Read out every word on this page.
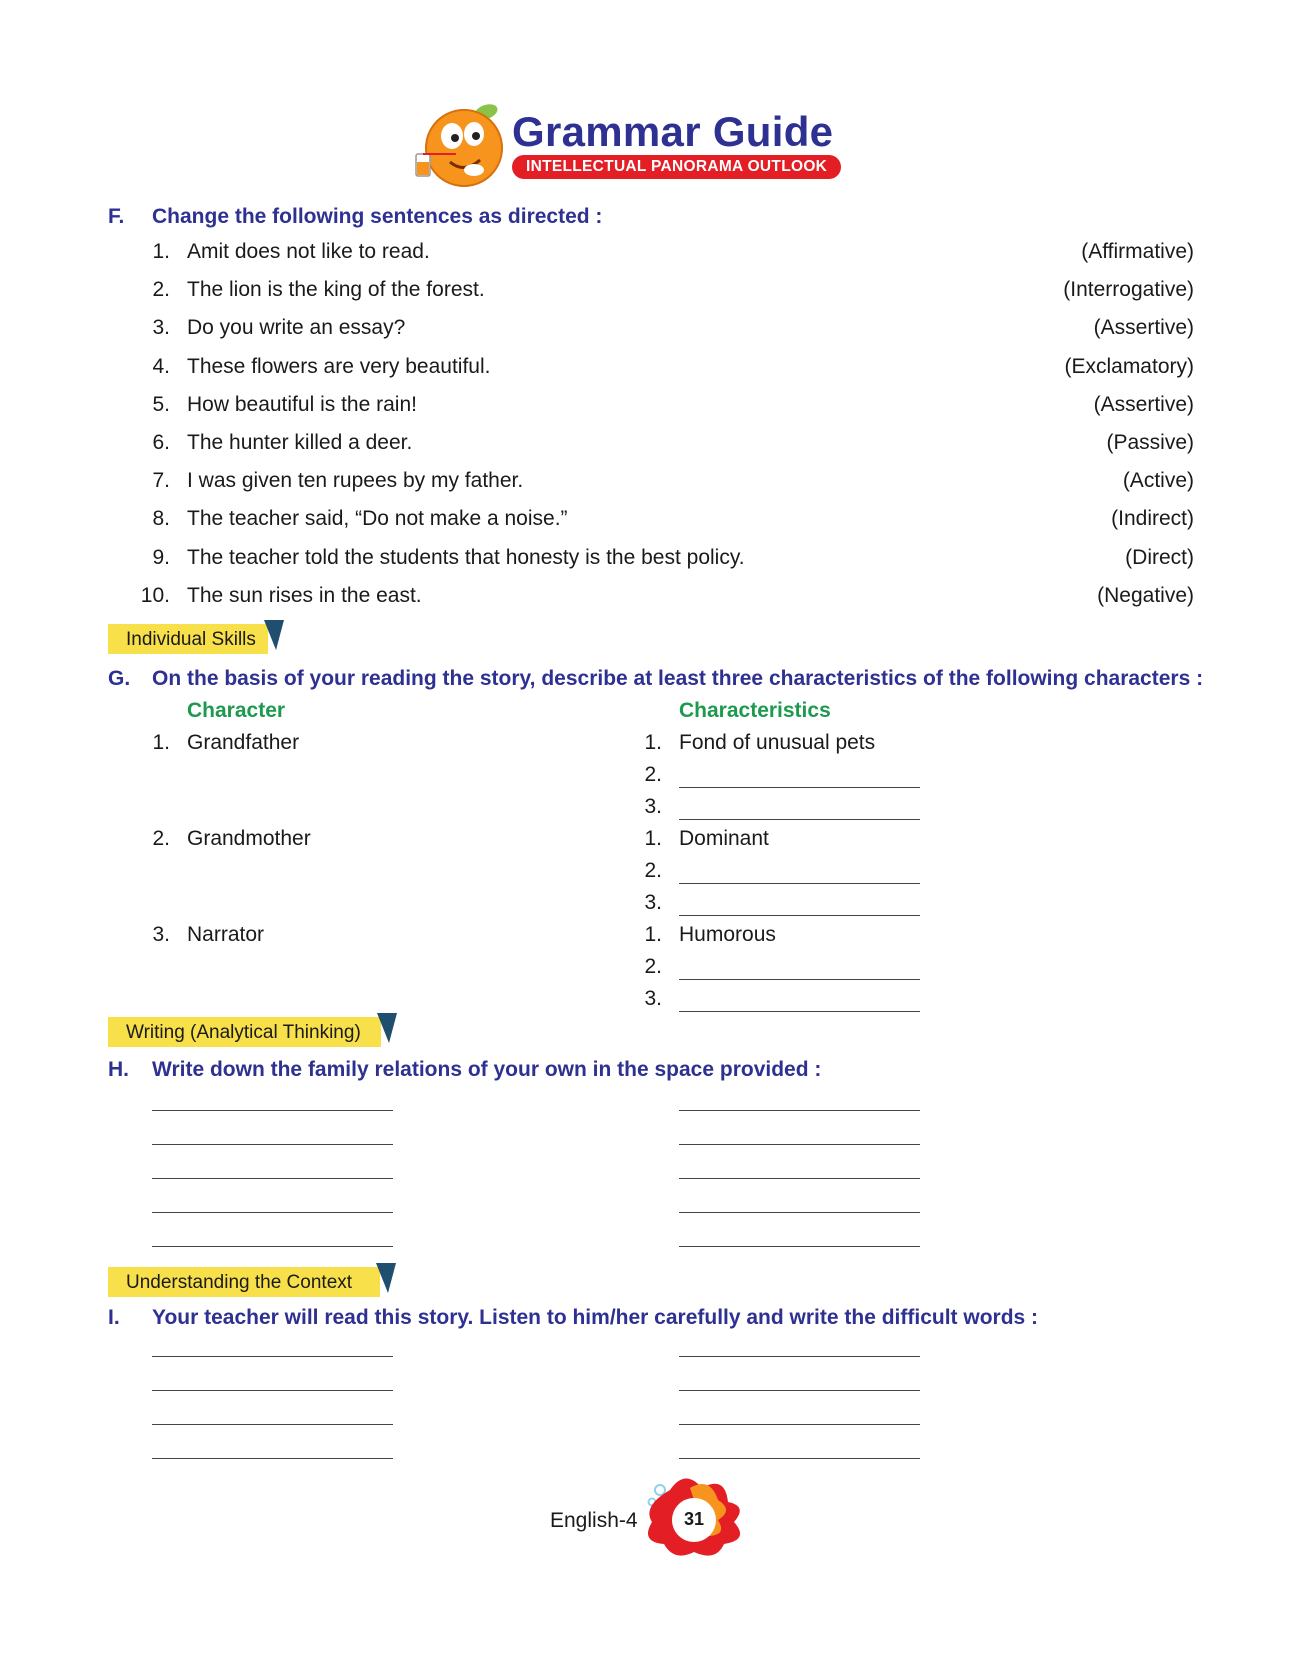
Grammar Guide
INTELLECTUAL PANORAMA OUTLOOK
F. Change the following sentences as directed :
1. Amit does not like to read.	(Affirmative)
2. The lion is the king of the forest.	(Interrogative)
3. Do you write an essay?	(Assertive)
4. These flowers are very beautiful.	(Exclamatory)
5. How beautiful is the rain!	(Assertive)
6. The hunter killed a deer.	(Passive)
7. I was given ten rupees by my father.	(Active)
8. The teacher said, “Do not make a noise.”	(Indirect)
9. The teacher told the students that honesty is the best policy.	(Direct)
10. The sun rises in the east.	(Negative)
Individual Skills
G. On the basis of your reading the story, describe at least three characteristics of the following characters :
Character	Characteristics
1. Grandfather	1. Fond of unusual pets
2.
3.
2. Grandmother	1. Dominant
2.
3.
3. Narrator	1. Humorous
2.
3.
Writing (Analytical Thinking)
H. Write down the family relations of your own in the space provided :
Understanding the Context
I. Your teacher will read this story. Listen to him/her carefully and write the difficult words :
English-4	31
